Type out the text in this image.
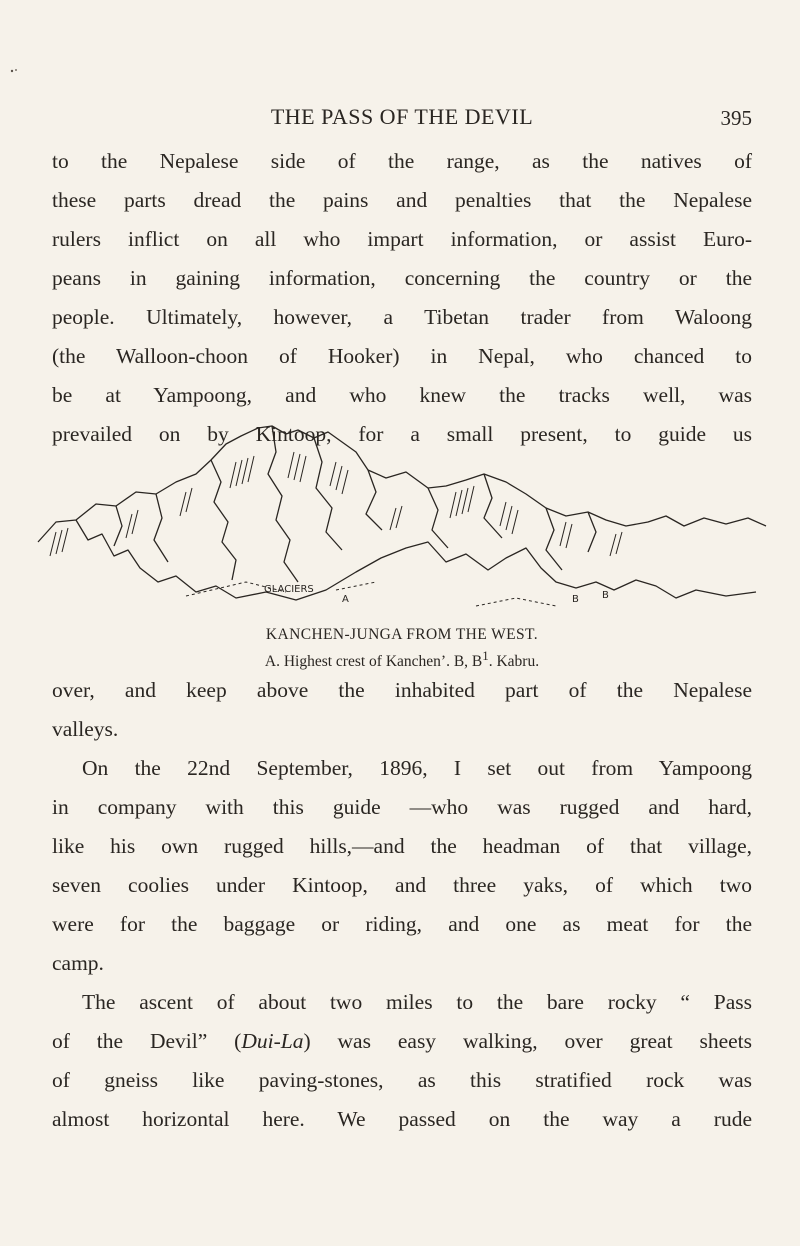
THE PASS OF THE DEVIL	395
to the Nepalese side of the range, as the natives of
these parts dread the pains and penalties that the Nepalese
rulers inflict on all who impart information, or assist Euro-
peans in gaining information, concerning the country or the
people. Ultimately, however, a Tibetan trader from Waloong
(the Walloon-choon of Hooker) in Nepal, who chanced to
be at Yampoong, and who knew the tracks well, was
prevailed on by Kintoop, for a small present, to guide us
GLACIERS
A	B B
KANCHEN-JUNGA FROM THE WEST.
A. Highest crest of Kanchen’. B, $B^1$. Kabru.
over, and keep above the inhabited part of the Nepalese
valleys.
On the 22nd September, 1896, I set out from Yampoong
in company with this guide —who was rugged and hard,
like his own rugged hills,—and the headman of that village,
seven coolies under Kintoop, and three yaks, of which two
were for the baggage or riding, and one as meat for the
camp.
The ascent of about two miles to the bare rocky “ Pass
of the Devil” (Dui-La) was easy walking, over great sheets
of gneiss like paving-stones, as this stratified rock was
almost horizontal here. We passed on the way a rude
